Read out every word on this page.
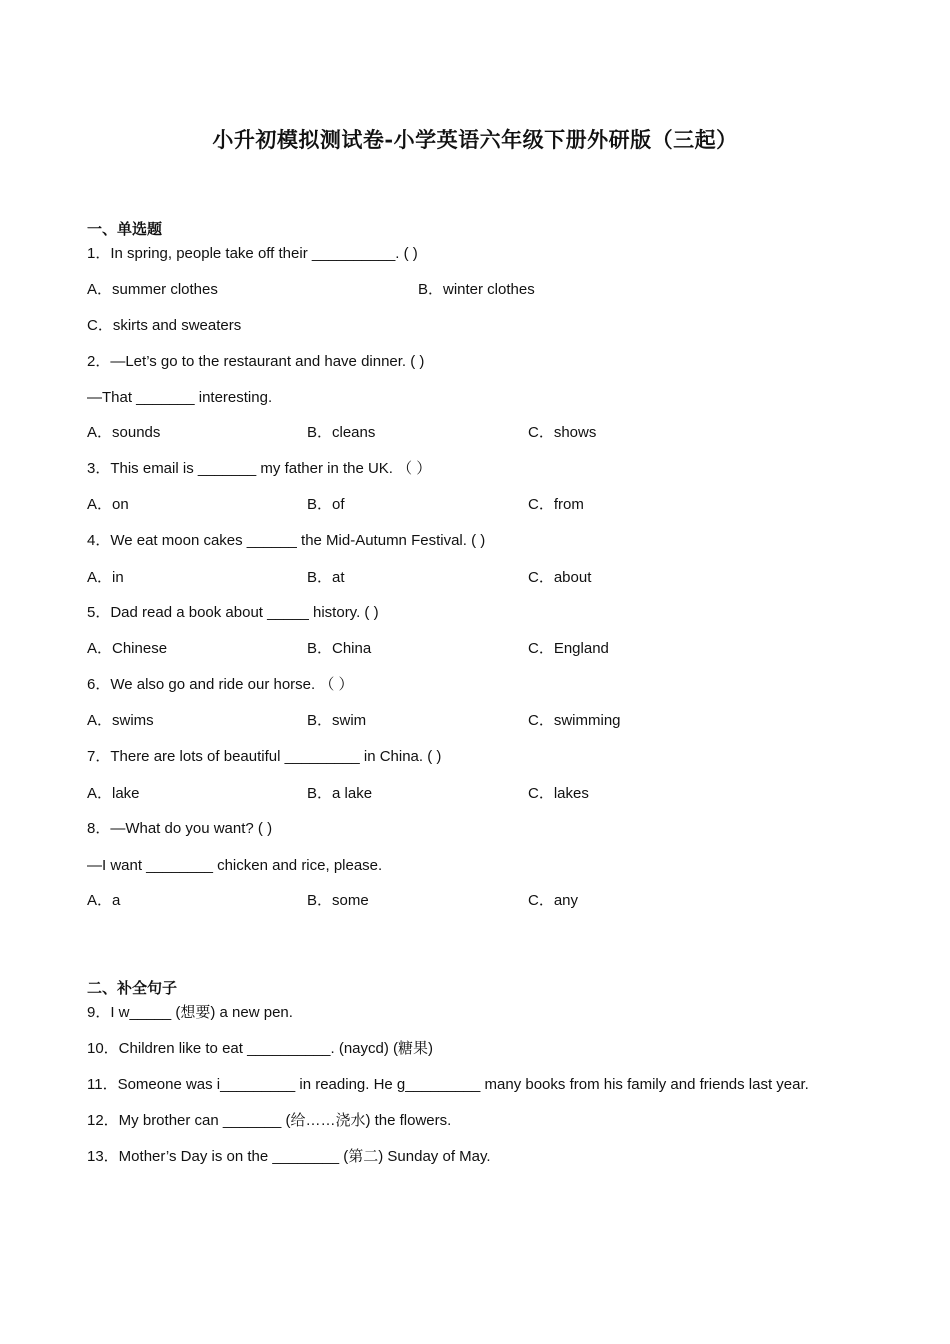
小升初模拟测试卷-小学英语六年级下册外研版（三起）
一、单选题
1．In spring, people take off their __________. ( )
A．summer clothes	B．winter clothes
C．skirts and sweaters
2．—Let’s go to the restaurant and have dinner. ( )
—That _______ interesting.
A．sounds	B．cleans	C．shows
3．This email is _______ my father in the UK. （ ）
A．on	B．of	C．from
4．We eat moon cakes ______ the Mid-Autumn Festival. ( )
A．in	B．at	C．about
5．Dad read a book about _____ history. ( )
A．Chinese	B．China	C．England
6．We also go and ride our horse. （ ）
A．swims	B．swim	C．swimming
7．There are lots of beautiful _________ in China. ( )
A．lake	B．a lake	C．lakes
8．—What do you want? ( )
—I want ________ chicken and rice, please.
A．a	B．some	C．any
二、补全句子
9．I w_____ (想要) a new pen.
10．Children like to eat __________. (naycd) (糖果)
11．Someone was i_________ in reading. He g_________ many books from his family and friends last year.
12．My brother can _______ (给……浇水) the flowers.
13．Mother’s Day is on the ________ (第二) Sunday of May.
